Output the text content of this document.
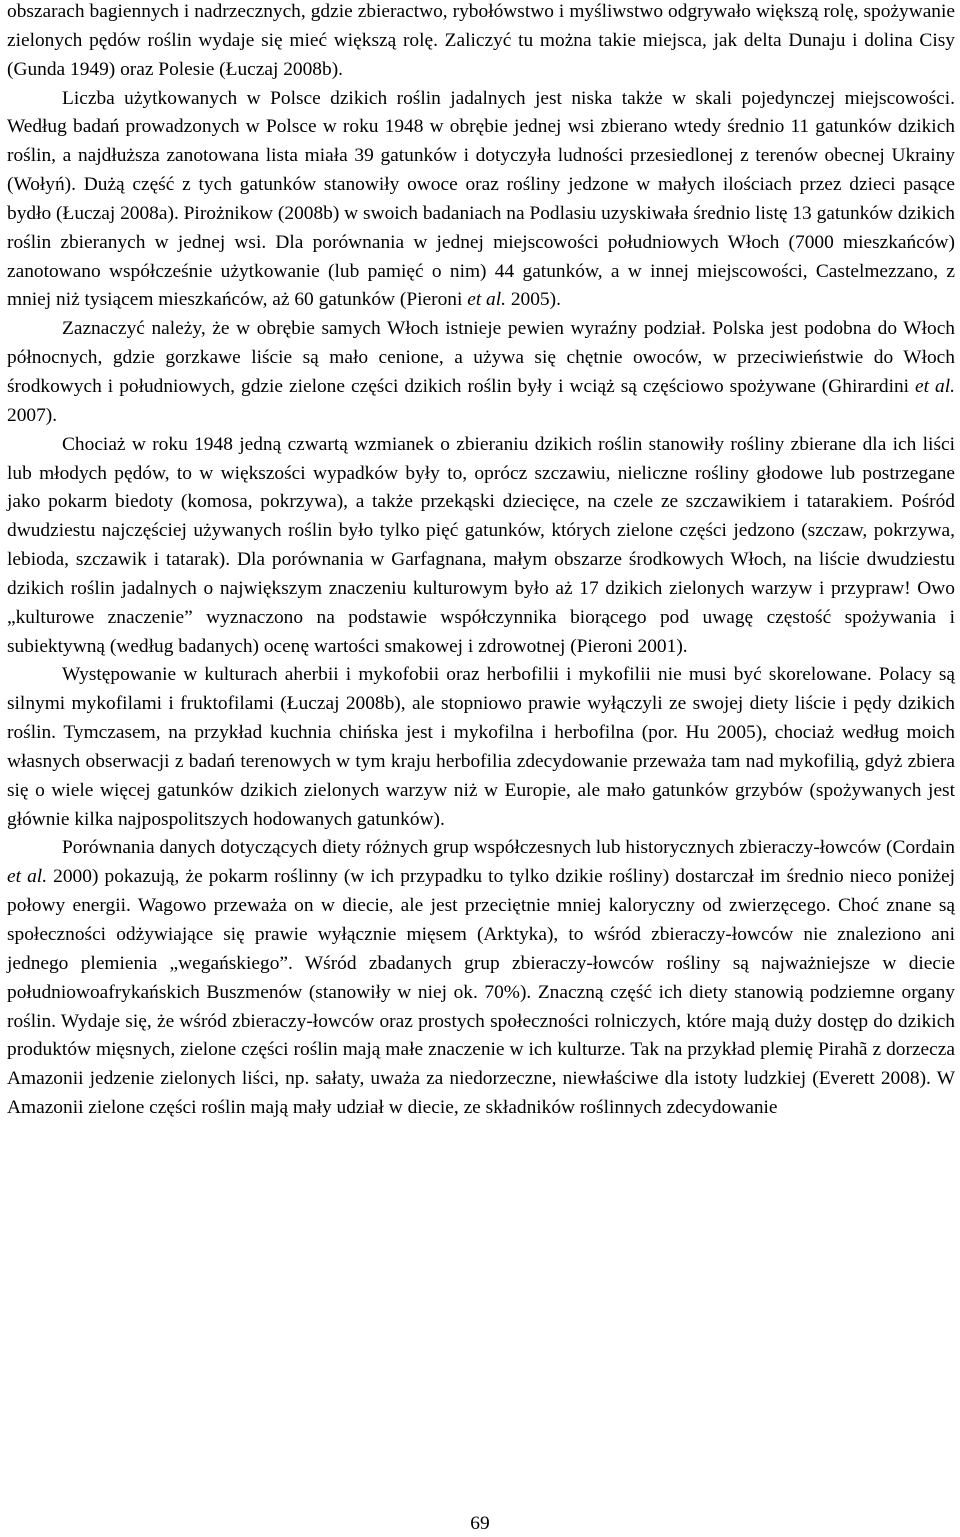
obszarach bagiennych i nadrzecznych, gdzie zbieractwo, rybołówstwo i myśliwstwo odgrywało większą rolę, spożywanie zielonych pędów roślin wydaje się mieć większą rolę. Zaliczyć tu można takie miejsca, jak delta Dunaju i dolina Cisy (Gunda 1949) oraz Polesie (Łuczaj 2008b).

Liczba użytkowanych w Polsce dzikich roślin jadalnych jest niska także w skali pojedynczej miejscowości. Według badań prowadzonych w Polsce w roku 1948 w obrębie jednej wsi zbierano wtedy średnio 11 gatunków dzikich roślin, a najdłuższa zanotowana lista miała 39 gatunków i dotyczyła ludności przesiedlonej z terenów obecnej Ukrainy (Wołyń). Dużą część z tych gatunków stanowiły owoce oraz rośliny jedzone w małych ilościach przez dzieci pasące bydło (Łuczaj 2008a). Pirożnikow (2008b) w swoich badaniach na Podlasiu uzyskiwała średnio listę 13 gatunków dzikich roślin zbieranych w jednej wsi. Dla porównania w jednej miejscowości południowych Włoch (7000 mieszkańców) zanotowano współcześnie użytkowanie (lub pamięć o nim) 44 gatunków, a w innej miejscowości, Castelmezzano, z mniej niż tysiącem mieszkańców, aż 60 gatunków (Pieroni et al. 2005).

Zaznaczyć należy, że w obrębie samych Włoch istnieje pewien wyraźny podział. Polska jest podobna do Włoch północnych, gdzie gorzkawe liście są mało cenione, a używa się chętnie owoców, w przeciwieństwie do Włoch środkowych i południowych, gdzie zielone części dzikich roślin były i wciąż są częściowo spożywane (Ghirardini et al. 2007).

Chociaż w roku 1948 jedną czwartą wzmianek o zbieraniu dzikich roślin stanowiły rośliny zbierane dla ich liści lub młodych pędów, to w większości wypadków były to, oprócz szczawiu, nieliczne rośliny głodowe lub postrzegane jako pokarm biedoty (komosa, pokrzywa), a także przekąski dziecięce, na czele ze szczawikiem i tatarakiem. Pośród dwudziestu najczęściej używanych roślin było tylko pięć gatunków, których zielone części jedzono (szczaw, pokrzywa, lebioda, szczawik i tatarak). Dla porównania w Garfagnana, małym obszarze środkowych Włoch, na liście dwudziestu dzikich roślin jadalnych o największym znaczeniu kulturowym było aż 17 dzikich zielonych warzyw i przypraw! Owo „kulturowe znaczenie” wyznaczono na podstawie współczynnika biorącego pod uwagę częstość spożywania i subiektywną (według badanych) ocenę wartości smakowej i zdrowotnej (Pieroni 2001).

Występowanie w kulturach aherbii i mykofobii oraz herbofilii i mykofilii nie musi być skorelowane. Polacy są silnymi mykofilami i fruktofilami (Łuczaj 2008b), ale stopniowo prawie wyłączyli ze swojej diety liście i pędy dzikich roślin. Tymczasem, na przykład kuchnia chińska jest i mykofilna i herbofilna (por. Hu 2005), chociaż według moich własnych obserwacji z badań terenowych w tym kraju herbofilia zdecydowanie przeważa tam nad mykofilią, gdyż zbiera się o wiele więcej gatunków dzikich zielonych warzyw niż w Europie, ale mało gatunków grzybów (spożywanych jest głównie kilka najpospolitszych hodowanych gatunków).

Porównania danych dotyczących diety różnych grup współczesnych lub historycznych zbieraczy-łowców (Cordain et al. 2000) pokazują, że pokarm roślinny (w ich przypadku to tylko dzikie rośliny) dostarczał im średnio nieco poniżej połowy energii. Wagowo przeważa on w diecie, ale jest przeciętnie mniej kaloryczny od zwierzęcego. Choć znane są społeczności odżywiające się prawie wyłącznie mięsem (Arktyka), to wśród zbieraczy-łowców nie znaleziono ani jednego plemienia „wegańskiego”. Wśród zbadanych grup zbieraczy-łowców rośliny są najważniejsze w diecie południowoafrykańskich Buszmenów (stanowiły w niej ok. 70%). Znaczną część ich diety stanowią podziemne organy roślin. Wydaje się, że wśród zbieraczy-łowców oraz prostych społeczności rolniczych, które mają duży dostęp do dzikich produktów mięsnych, zielone części roślin mają małe znaczenie w ich kulturze. Tak na przykład plemię Pirahã z dorzecza Amazonii jedzenie zielonych liści, np. sałaty, uważa za niedorzeczne, niewłaściwe dla istoty ludzkiej (Everett 2008). W Amazonii zielone części roślin mają mały udział w diecie, ze składników roślinnych zdecydowanie

69
